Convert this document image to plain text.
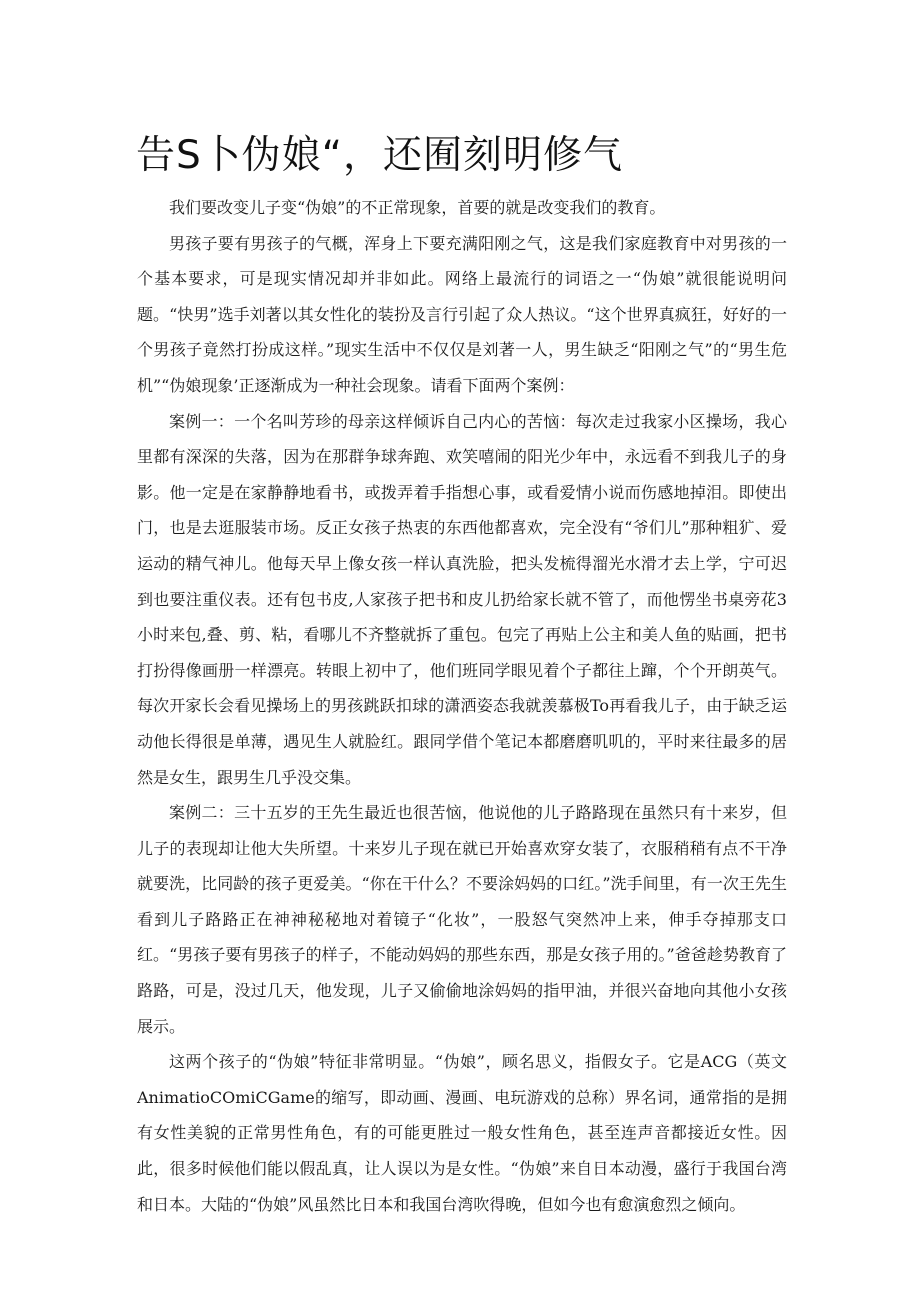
告S卜伪娘“，还囿刻明修气

我们要改变儿子变“伪娘”的不正常现象，首要的就是改变我们的教育。

男孩子要有男孩子的气概，浑身上下要充满阳刚之气，这是我们家庭教育中对男孩的一个基本要求，可是现实情况却并非如此。网络上最流行的词语之一“伪娘”就很能说明问题。“快男”选手刘著以其女性化的装扮及言行引起了众人热议。“这个世界真疯狂，好好的一个男孩子竟然打扮成这样。”现实生活中不仅仅是刘著一人，男生缺乏“阳刚之气”的“男生危机”“伪娘现象’正逐渐成为一种社会现象。请看下面两个案例：

案例一：一个名叫芳珍的母亲这样倾诉自己内心的苦恼：每次走过我家小区操场，我心里都有深深的失落，因为在那群争球奔跑、欢笑嘻闹的阳光少年中，永远看不到我儿子的身影。他一定是在家静静地看书，或拨弄着手指想心事，或看爱情小说而伤感地掉泪。即使出门，也是去逛服装市场。反正女孩子热衷的东西他都喜欢，完全没有“爷们儿”那种粗犷、爱运动的精气神儿。他每天早上像女孩一样认真洗脸，把头发梳得溜光水滑才去上学，宁可迟到也要注重仪表。还有包书皮,人家孩子把书和皮儿扔给家长就不管了，而他愣坐书桌旁花3小时来包,叠、剪、粘，看哪儿不齐整就拆了重包。包完了再贴上公主和美人鱼的贴画，把书打扮得像画册一样漂亮。转眼上初中了，他们班同学眼见着个子都往上蹿，个个开朗英气。每次开家长会看见操场上的男孩跳跃扣球的潇洒姿态我就羡慕极To再看我儿子，由于缺乏运动他长得很是单薄，遇见生人就脸红。跟同学借个笔记本都磨磨叽叽的，平时来往最多的居然是女生，跟男生几乎没交集。

案例二：三十五岁的王先生最近也很苦恼，他说他的儿子路路现在虽然只有十来岁，但儿子的表现却让他大失所望。十来岁儿子现在就已开始喜欢穿女装了，衣服稍稍有点不干净就要洗，比同龄的孩子更爱美。“你在干什么？不要涂妈妈的口红。”洗手间里，有一次王先生看到儿子路路正在神神秘秘地对着镜子“化妆”，一股怒气突然冲上来，伸手夺掉那支口红。“男孩子要有男孩子的样子，不能动妈妈的那些东西，那是女孩子用的。”爸爸趁势教育了路路，可是，没过几天，他发现，儿子又偷偷地涂妈妈的指甲油，并很兴奋地向其他小女孩展示。

这两个孩子的“伪娘”特征非常明显。“伪娘”，顾名思义，指假女子。它是ACG（英文AnimatioCOmiCGame的缩写，即动画、漫画、电玩游戏的总称）界名词，通常指的是拥有女性美貌的正常男性角色，有的可能更胜过一般女性角色，甚至连声音都接近女性。因此，很多时候他们能以假乱真，让人误以为是女性。“伪娘”来自日本动漫，盛行于我国台湾和日本。大陆的“伪娘”风虽然比日本和我国台湾吹得晚，但如今也有愈演愈烈之倾向。
